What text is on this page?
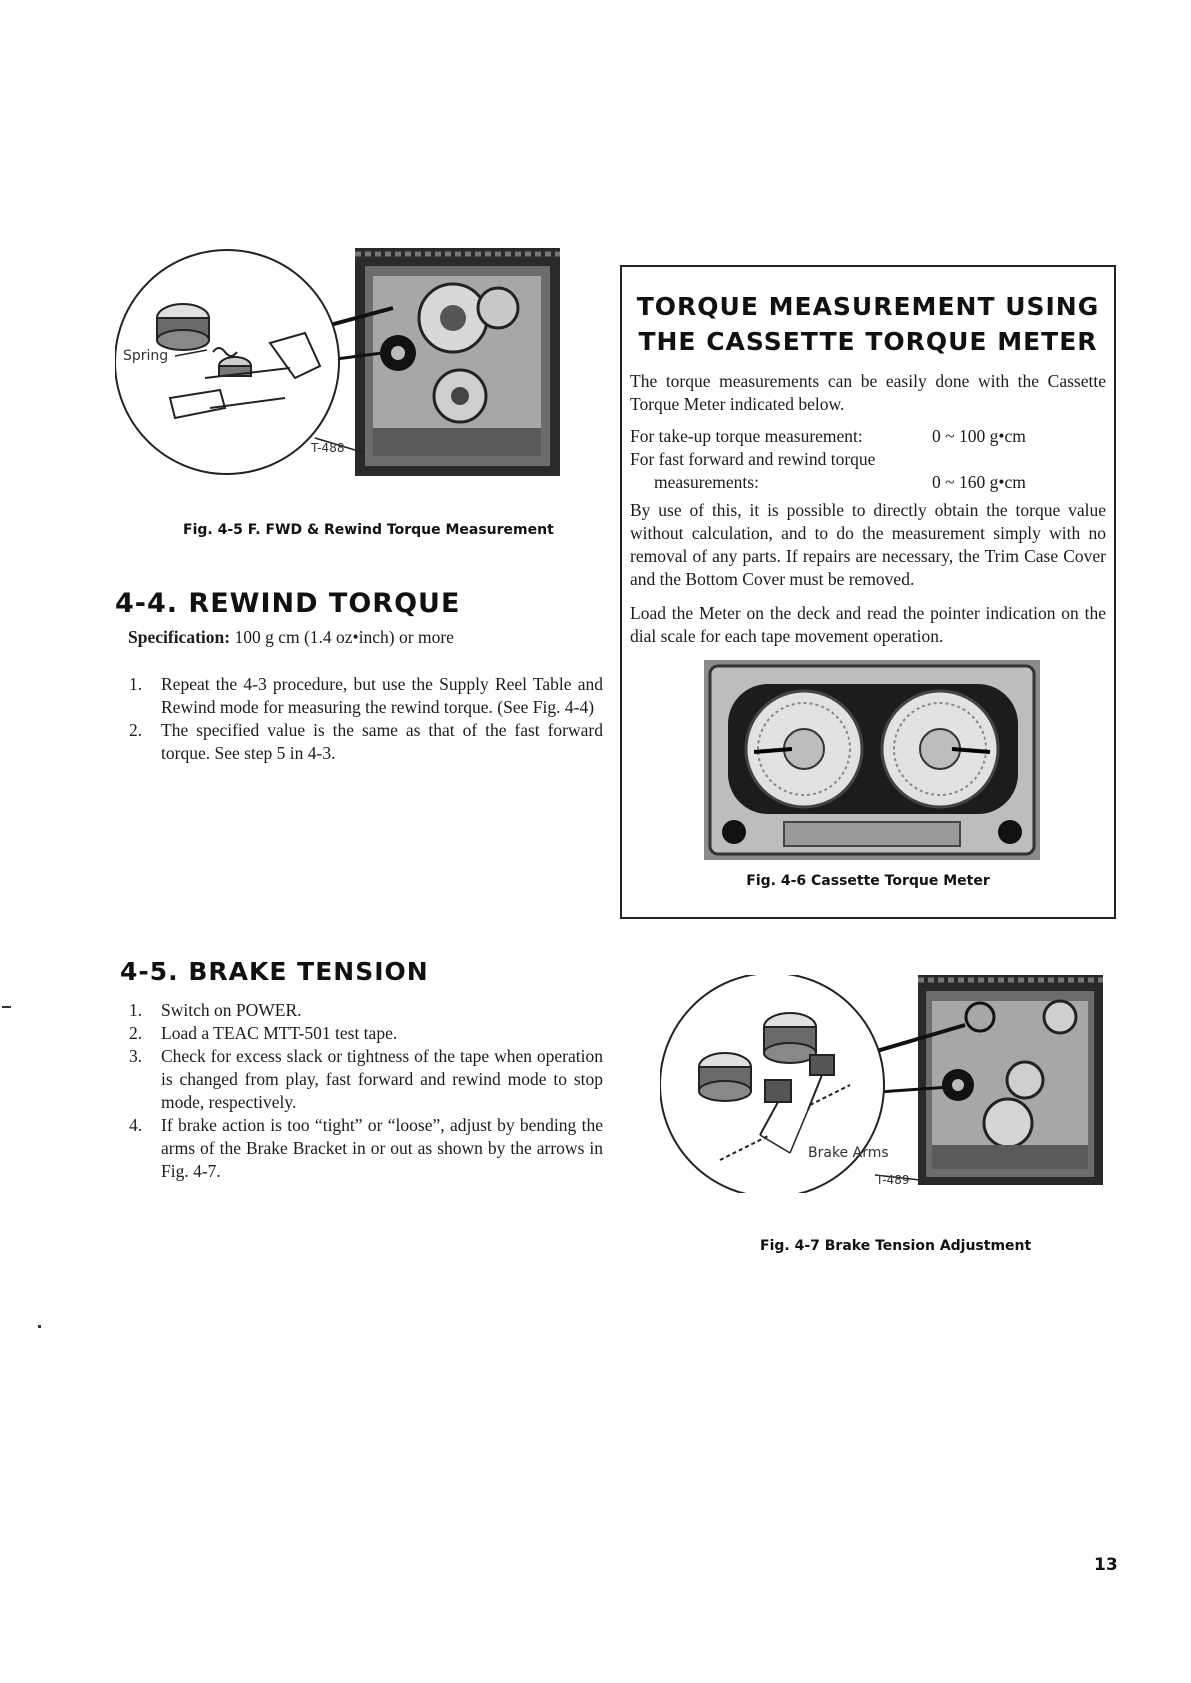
Spring
T-488
Fig. 4-5 F. FWD & Rewind Torque Measurement
4-4. REWIND TORQUE
Specification: 100 g cm (1.4 oz•inch) or more
1. Repeat the 4-3 procedure, but use the Supply Reel Table and Rewind mode for measuring the rewind torque. (See Fig. 4-4)
2. The specified value is the same as that of the fast forward torque. See step 5 in 4-3.
TORQUE MEASUREMENT USING
THE CASSETTE TORQUE METER
The torque measurements can be easily done with the Cassette Torque Meter indicated below.
For take-up torque measurement:	0 ~ 100 g•cm
For fast forward and rewind torque
measurements:	0 ~ 160 g•cm
By use of this, it is possible to directly obtain the torque value without calculation, and to do the measurement simply with no removal of any parts. If repairs are necessary, the Trim Case Cover and the Bottom Cover must be removed.
Load the Meter on the deck and read the pointer indication on the dial scale for each tape movement operation.
Fig. 4-6 Cassette Torque Meter
4-5. BRAKE TENSION
1. Switch on POWER.
2. Load a TEAC MTT-501 test tape.
3. Check for excess slack or tightness of the tape when operation is changed from play, fast forward and rewind mode to stop mode, respectively.
4. If brake action is too “tight” or “loose”, adjust by bending the arms of the Brake Bracket in or out as shown by the arrows in Fig. 4-7.
Brake Arms
T-489
Fig. 4-7 Brake Tension Adjustment
13
